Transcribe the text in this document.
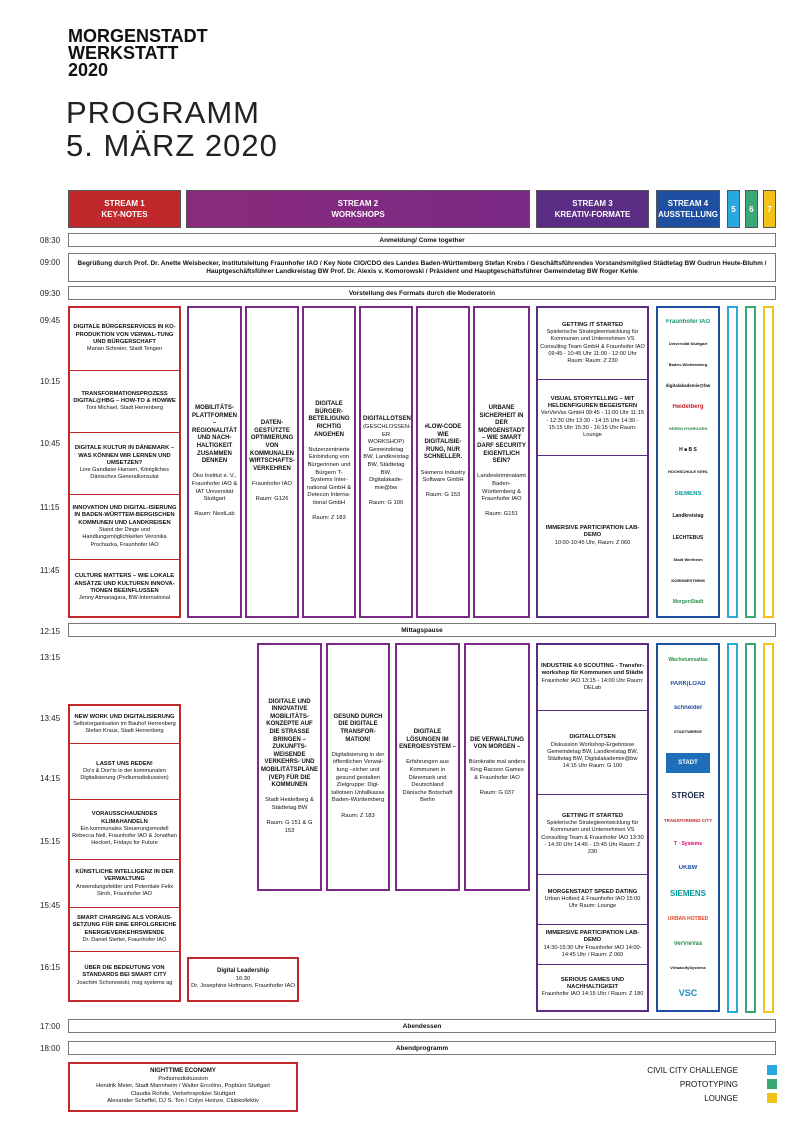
MORGENSTADT
WERKSTATT
2020
PROGRAMM
5. MÄRZ 2020
STREAM 1
KEY-NOTES
STREAM 2
WORKSHOPS
STREAM 3
KREATIV-FORMATE
STREAM 4
AUSSTELLUNG
5	6	7
08:30
09:00
09:30
09:45
10:15
10:45
11:15
11:45
12:15
13:15
13:45
14:15
15:15
15:45
16:15
17:00
18:00
Anmeldung/ Come together
Begrüßung durch Prof. Dr. Anette Weisbecker, Institutsleitung Fraunhofer IAO / Key Note CIO/CDO des Landes Baden-Württemberg Stefan Krebs / Geschäftsführendes Vorstandsmitglied Städtetag BW Gudrun Heute-Bluhm / Hauptgeschäftsführer Landkreistag BW Prof. Dr. Alexis v. Komorowski / Präsident und Hauptgeschäftsführer Gemeindetag BW Roger Kehle
Vorstellung des Formats durch die Moderatorin
Mittagspause
Abendessen
Abendprogramm
DIGITALE BÜRGERSERVICES IN KO-PRODUKTION VON VERWAL-TUNG UND BÜRGERSCHAFT
Marian Schreier, Stadt Tengen
TRANSFORMATIONSPROZESS DIGITAL@HBG – HOW-TO & HOWWE
Toni Michael, Stadt Herrenberg
DIGITALE KULTUR IN DÄNEMARK – WAS KÖNNEN WIR LERNEN UND UMSETZEN?
Line Gandløse Hansen, Königliches Dänisches Generalkonsulat
INNOVATION UND DIGITAL-ISIERUNG IN BADEN-WÜRTTEM-BERGISCHEN KOMMUNEN UND LANDKREISEN
Stand der Dinge und Handlungsmöglichkeiten Veronika Prochazka, Fraunhofer IAO
CULTURE MATTERS – WIE LOKALE ANSÄTZE UND KULTUREN INNOVA-TIONEN BEEINFLUSSEN
Jenny Atmanagara, BW-International
MOBILITÄTS-PLATTFORMEN – REGIONALITÄT UND NACH-HALTIGKEIT ZUSAMMEN DENKEN

Öko Institut e. V., Fraunhofer IAO & IAT Universität Stuttgart

Raum: NextLab
DATEN-GESTÜTZTE OPTIMIERUNG VON KOMMUNALEN WIRTSCHAFTS-VERKEHREN

Fraunhofer IAO

Raum: G126
DIGITALE BÜRGER-BETEILIGUNG RICHTIG ANGEHEN

Nutzerzentrierte Einbindung von Bürgerinnen und Bürgern T-Systems Inter-national GmbH & Detecon Interna-tional GmbH

Raum: Z 183
DIGITALLOTSEN
(GESCHLOSSEN-ER WORKSHOP) Gemeindetag BW, Landkreistag BW, Städtetag BW, Digitalakade-mie@bw

Raum: G 100
#LOW-CODE WIE DIGITALISIE-RUNG, NUR SCHNELLER.

Siemens Industry Software GmbH

Raum: G 153
URBANE SICHERHEIT IN DER MORGENSTADT – WIE SMART DARF SECURITY EIGENTLICH SEIN?

Landeskriminalamt Baden-Württemberg & Fraunhofer IAO

Raum: G151
GETTING IT STARTED
Spielerische Strategieentwicklung für Kommunen und Unternehmen VS Consulting Team GmbH & Fraunhofer IAO 09:45 - 10:45 Uhr 11:00 - 12:00 Uhr Raum: Raum: Z 230
VISUAL STORYTELLING – MIT HELDENFIGUREN BEGEISTERN
VerVieVas GmbH 09:45 - 11:00 Uhr 11:15 - 12:30 Uhr 13:30 - 14:15 Uhr 14:30 - 15:15 Uhr 15:30 - 16:15 Uhr Raum: Lounge
IMMERSIVE PARTICIPATION LAB-DEMO
10:00-10:45 Uhr, Raum: Z 060
Fraunhofer IAO
Universität Stuttgart
Baden-Württemberg
digitalakademie@bw
Heidelberg
GREEN HYDROGEN
H ■ B S
HOCHSCHULE KEHL
SIEMENS
Landkreistag
LECHTEBUS
Stadt Wertheim
KORNWESTHEIM
MorgenStadt
NEW WORK UND DIGITALISIERUNG
Selbstorganisation im Bauhof Herrenberg Stefan Kraus, Stadt Herrenberg
LASST UNS REDEN!
Do's & Don'ts in der kommunalen Digitalisierung (Podiumsdiskussion)
VORAUSSCHAUENDES KLIMAHANDELN
Ein kommunales Steuerungsmodell Rebecca Nell, Fraunhofer IAO & Jonathan Heckert, Fridays for Future
KÜNSTLICHE INTELLIGENZ IN DER VERWALTUNG
Anwendungsfelder und Potentiale Felix Stroh, Fraunhofer IAO
SMART CHARGING ALS VORAUS-SETZUNG FÜR EINE ERFOLGREICHE ENERGIEVERKEHRSWENDE
Dr. Daniel Stetter, Fraunhofer IAO
ÜBER DIE BEDEUTUNG VON STANDARDS BEI SMART CITY
Joachim Schonowski, msg systems ag
Digital Leadership
16:30
Dr. Josephine Hofmann, Fraunhofer IAO
DIGITALE UND INNOVATIVE MOBILITÄTS-KONZEPTE AUF DIE STRASSE BRINGEN – ZUKUNFTS-WEISENDE VERKEHRS- UND MOBILITÄTSPLÄNE (VEP) FÜR DIE KOMMUNEN

Stadt Heidelberg & Städtetag BW

Raum: G 151 & G 153
GESUND DURCH DIE DIGITALE TRANSFOR-MATION!

Digitalisierung in der öffentlichen Verwal-tung –sicher und gesund gestalten Zielgruppe: Digi-tallotsen Unfallkasse Baden-Württemberg

Raum: Z 183
DIGITALE LÖSUNGEN IM ENERGIESYSTEM –

Erfahrungen aus Kommunen in Dänemark und Deutschland Dänische Botschaft Berlin
DIE VERWALTUNG VON MORGEN –

Bürokratie mal anders King Racoon Games & Fraunhofer IAO

Raum: G 037
INDUSTRIE 4.0 SCOUTING - Transfer-workshop für Kommunen und Städte
Fraunhofer IAO 13:15 - 14:00 Uhr Raum: DELab
DIGITALLOTSEN
Diskussion Workshop-Ergebnisse Gemeindetag BW, Landkreistag BW, Städtetag BW, Digitalakademie@bw 14:15 Uhr Raum: G 100
GETTING IT STARTED
Spielerische Strategieentwicklung für Kommunen und Unternehmen VS Consulting Team & Fraunhofer IAO 13:30 - 14:30 Uhr 14:45 - 15:45 Uhr Raum: Z 230
MORGENSTADT SPEED DATING
Urban Hotbed & Fraunhofer IAO 15:00 Uhr Raum: Lounge
IMMERSIVE PARTICIPATION LAB-DEMO
14:30-15:30 Uhr Fraunhofer IAO 14:00-14:45 Uhr / Raum: Z 060
SERIOUS GAMES UND NACHHALTIGKEIT
Fraunhofer IAO 14:15 Uhr / Raum: Z 180
Wachstumsatlas
PARK|LOAD
schneider
STADTWERKE
STADT
STRÖER
TRANSFORMING CITY
T · Systems
UKBW
SIEMENS
URBAN HOTBED
VerVieVas
VirtualcitySystems
VSC
NIGHTTIME ECONOMY
Podiumsdiskussion
Hendrik Meier, Stadt Mannheim / Walter Ercolino, Popbüro Stuttgart
Claudia Rohde, Verkehrspolizei Stuttgart
Alexander Scheffel, DJ S. Ton / Colyn Heinze, Clubkollektiv
CIVIL CITY CHALLENGE
PROTOTYPING
LOUNGE
